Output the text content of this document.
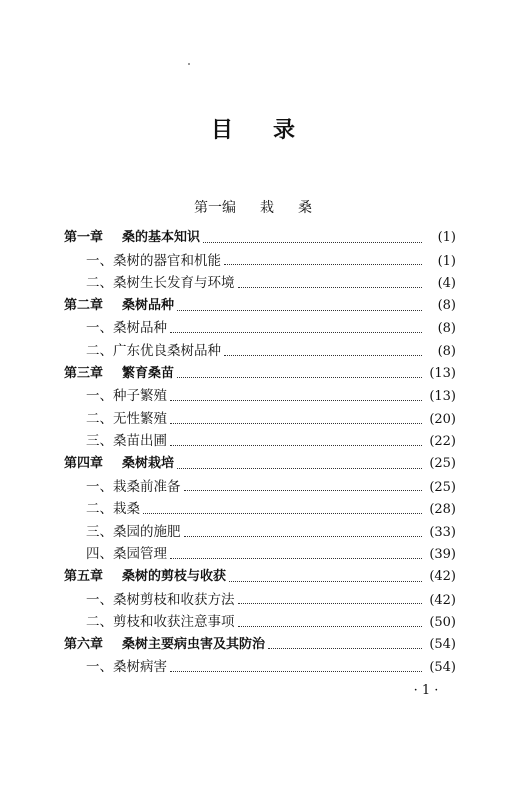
目 录
第一编 栽 桑
第一章	桑的基本知识	(1)
一、桑树的器官和机能	(1)
二、桑树生长发育与环境	(4)
第二章	桑树品种	(8)
一、桑树品种	(8)
二、广东优良桑树品种	(8)
第三章	繁育桑苗	(13)
一、种子繁殖	(13)
二、无性繁殖	(20)
三、桑苗出圃	(22)
第四章	桑树栽培	(25)
一、栽桑前准备	(25)
二、栽桑	(28)
三、桑园的施肥	(33)
四、桑园管理	(39)
第五章	桑树的剪枝与收获	(42)
一、桑树剪枝和收获方法	(42)
二、剪枝和收获注意事项	(50)
第六章	桑树主要病虫害及其防治	(54)
一、桑树病害	(54)
· 1 ·
